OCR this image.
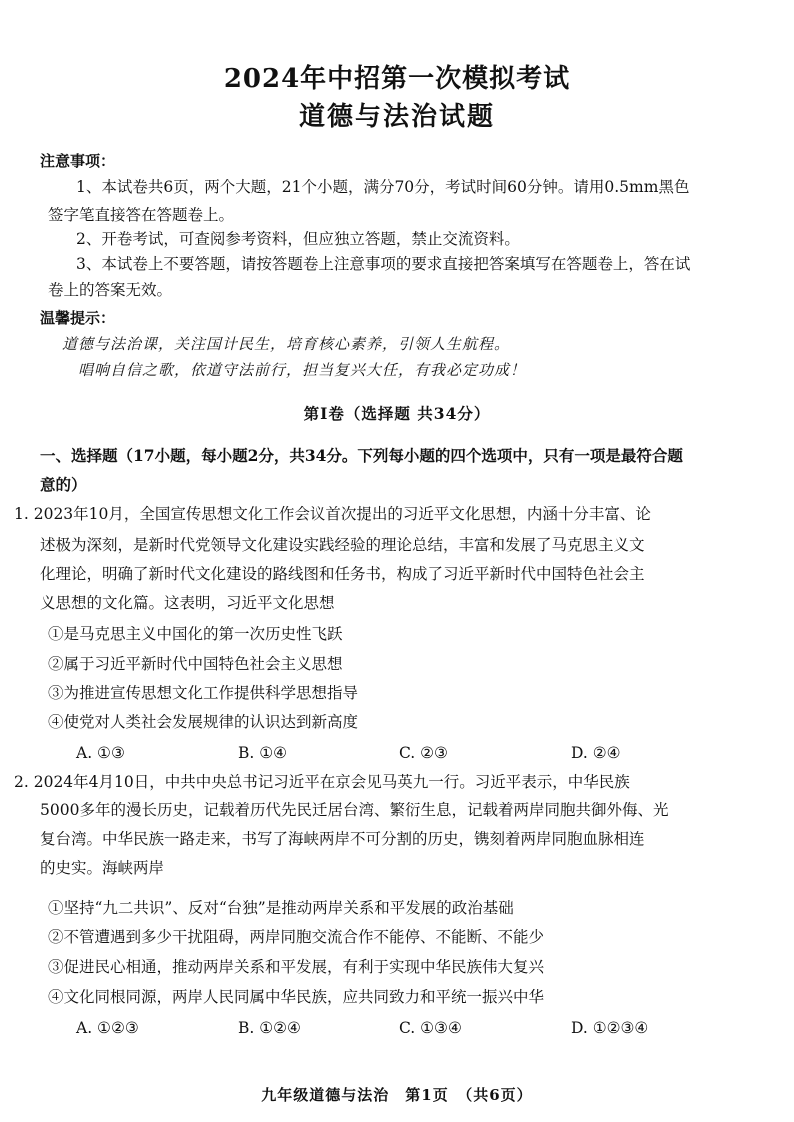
2024年中招第一次模拟考试
道德与法治试题
注意事项：
1、本试卷共6页，两个大题，21个小题，满分70分，考试时间60分钟。请用0.5mm黑色
签字笔直接答在答题卷上。
2、开卷考试，可查阅参考资料，但应独立答题，禁止交流资料。
3、本试卷上不要答题，请按答题卷上注意事项的要求直接把答案填写在答题卷上，答在试
卷上的答案无效。
温馨提示：
道德与法治课，关注国计民生，培育核心素养，引领人生航程。
唱响自信之歌，依道守法前行，担当复兴大任，有我必定功成！
第Ⅰ卷（选择题 共34分）
一、选择题（17小题，每小题2分，共34分。下列每小题的四个选项中，只有一项是最符合题
意的）
1. 2023年10月，全国宣传思想文化工作会议首次提出的习近平文化思想，内涵十分丰富、论
述极为深刻，是新时代党领导文化建设实践经验的理论总结，丰富和发展了马克思主义文
化理论，明确了新时代文化建设的路线图和任务书，构成了习近平新时代中国特色社会主
义思想的文化篇。这表明，习近平文化思想
①是马克思主义中国化的第一次历史性飞跃
②属于习近平新时代中国特色社会主义思想
③为推进宣传思想文化工作提供科学思想指导
④使党对人类社会发展规律的认识达到新高度
A. ①③	B. ①④	C. ②③	D. ②④
2. 2024年4月10日，中共中央总书记习近平在京会见马英九一行。习近平表示，中华民族
5000多年的漫长历史，记载着历代先民迁居台湾、繁衍生息，记载着两岸同胞共御外侮、光
复台湾。中华民族一路走来，书写了海峡两岸不可分割的历史，镌刻着两岸同胞血脉相连
的史实。海峡两岸
①坚持“九二共识”、反对“台独”是推动两岸关系和平发展的政治基础
②不管遭遇到多少干扰阻碍，两岸同胞交流合作不能停、不能断、不能少
③促进民心相通，推动两岸关系和平发展，有利于实现中华民族伟大复兴
④文化同根同源，两岸人民同属中华民族，应共同致力和平统一振兴中华
A. ①②③	B. ①②④	C. ①③④	D. ①②③④
九年级道德与法治　第1页　（共6页）
